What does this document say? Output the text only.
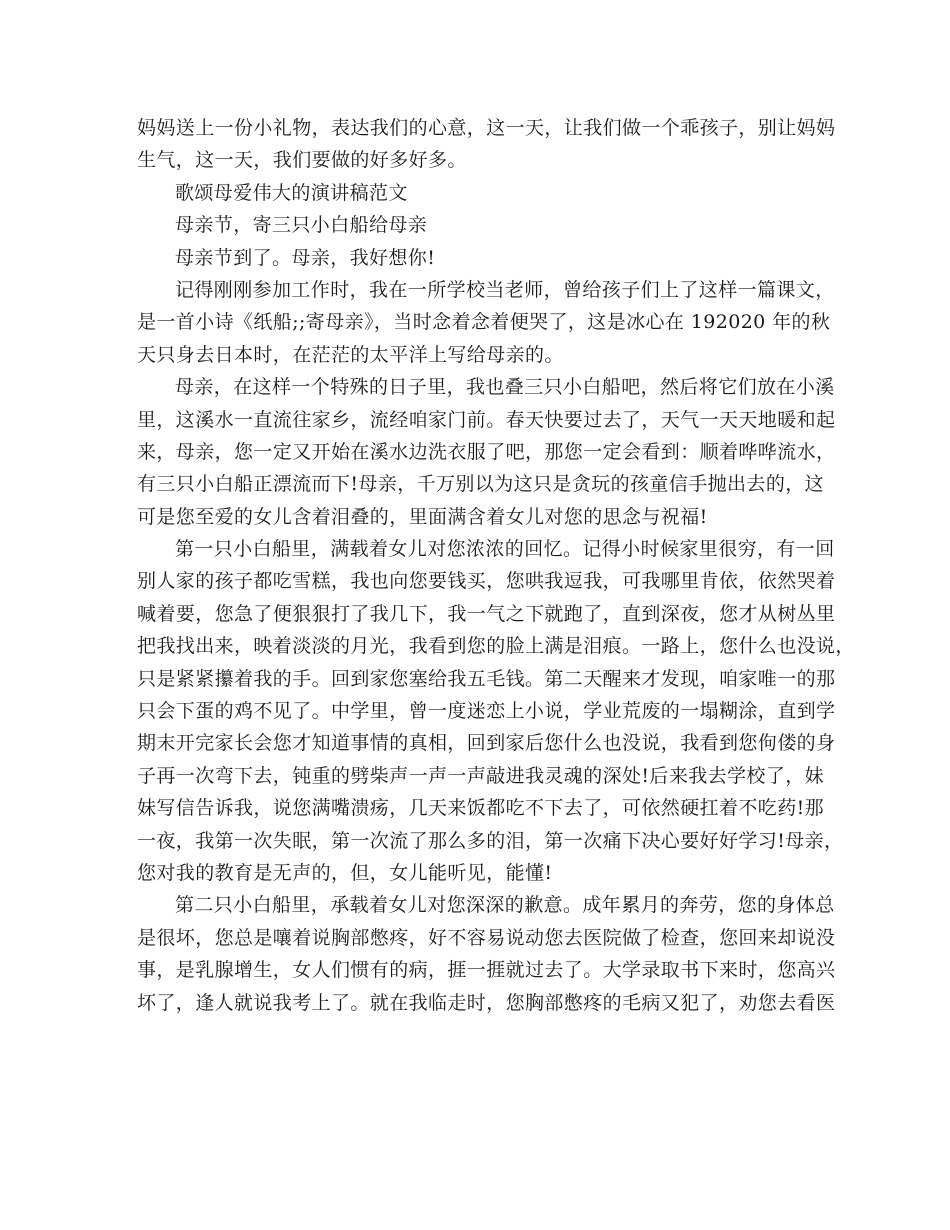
妈妈送上一份小礼物，表达我们的心意，这一天，让我们做一个乖孩子，别让妈妈
生气，这一天，我们要做的好多好多。
歌颂母爱伟大的演讲稿范文
母亲节，寄三只小白船给母亲
母亲节到了。母亲，我好想你!
记得刚刚参加工作时，我在一所学校当老师，曾给孩子们上了这样一篇课文，
是一首小诗《纸船;;寄母亲》，当时念着念着便哭了，这是冰心在 192020 年的秋
天只身去日本时，在茫茫的太平洋上写给母亲的。
母亲，在这样一个特殊的日子里，我也叠三只小白船吧，然后将它们放在小溪
里，这溪水一直流往家乡，流经咱家门前。春天快要过去了，天气一天天地暖和起
来，母亲，您一定又开始在溪水边洗衣服了吧，那您一定会看到：顺着哗哗流水，
有三只小白船正漂流而下!母亲，千万别以为这只是贪玩的孩童信手抛出去的，这
可是您至爱的女儿含着泪叠的，里面满含着女儿对您的思念与祝福!
第一只小白船里，满载着女儿对您浓浓的回忆。记得小时候家里很穷，有一回
别人家的孩子都吃雪糕，我也向您要钱买，您哄我逗我，可我哪里肯依，依然哭着
喊着要，您急了便狠狠打了我几下，我一气之下就跑了，直到深夜，您才从树丛里
把我找出来，映着淡淡的月光，我看到您的脸上满是泪痕。一路上，您什么也没说，
只是紧紧攥着我的手。回到家您塞给我五毛钱。第二天醒来才发现，咱家唯一的那
只会下蛋的鸡不见了。中学里，曾一度迷恋上小说，学业荒废的一塌糊涂，直到学
期末开完家长会您才知道事情的真相，回到家后您什么也没说，我看到您佝偻的身
子再一次弯下去，钝重的劈柴声一声一声敲进我灵魂的深处!后来我去学校了，妹
妹写信告诉我，说您满嘴溃疡，几天来饭都吃不下去了，可依然硬扛着不吃药!那
一夜，我第一次失眠，第一次流了那么多的泪，第一次痛下决心要好好学习!母亲，
您对我的教育是无声的，但，女儿能听见，能懂!
第二只小白船里，承载着女儿对您深深的歉意。成年累月的奔劳，您的身体总
是很坏，您总是嚷着说胸部憋疼，好不容易说动您去医院做了检查，您回来却说没
事，是乳腺增生，女人们惯有的病，捱一捱就过去了。大学录取书下来时，您高兴
坏了，逢人就说我考上了。就在我临走时，您胸部憋疼的毛病又犯了，劝您去看医
